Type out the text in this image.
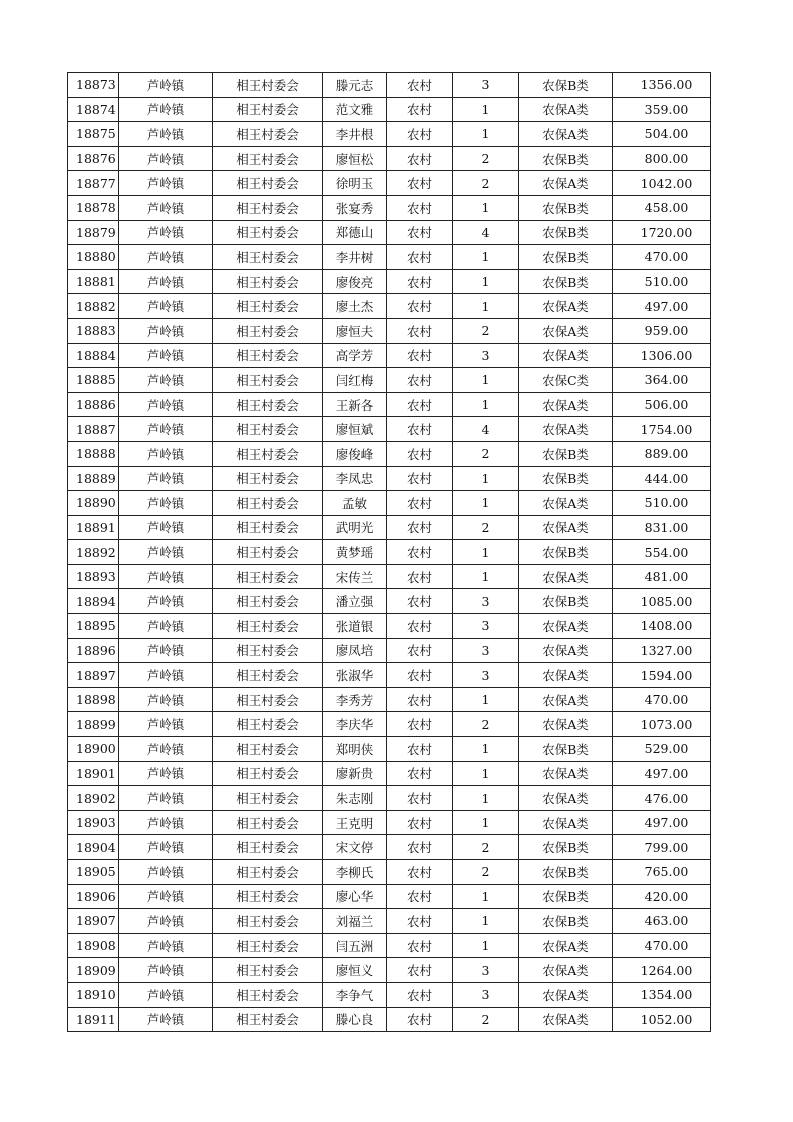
18873	芦岭镇	相王村委会	滕元志	农村	3	农保B类	1356.00
18874	芦岭镇	相王村委会	范文雅	农村	1	农保A类	359.00
18875	芦岭镇	相王村委会	李井根	农村	1	农保A类	504.00
18876	芦岭镇	相王村委会	廖恒松	农村	2	农保B类	800.00
18877	芦岭镇	相王村委会	徐明玉	农村	2	农保A类	1042.00
18878	芦岭镇	相王村委会	张宴秀	农村	1	农保B类	458.00
18879	芦岭镇	相王村委会	郑德山	农村	4	农保B类	1720.00
18880	芦岭镇	相王村委会	李井树	农村	1	农保B类	470.00
18881	芦岭镇	相王村委会	廖俊亮	农村	1	农保B类	510.00
18882	芦岭镇	相王村委会	廖土杰	农村	1	农保A类	497.00
18883	芦岭镇	相王村委会	廖恒夫	农村	2	农保A类	959.00
18884	芦岭镇	相王村委会	高学芳	农村	3	农保A类	1306.00
18885	芦岭镇	相王村委会	闫红梅	农村	1	农保C类	364.00
18886	芦岭镇	相王村委会	王新各	农村	1	农保A类	506.00
18887	芦岭镇	相王村委会	廖恒斌	农村	4	农保A类	1754.00
18888	芦岭镇	相王村委会	廖俊峰	农村	2	农保B类	889.00
18889	芦岭镇	相王村委会	李凤忠	农村	1	农保B类	444.00
18890	芦岭镇	相王村委会	孟敏	农村	1	农保A类	510.00
18891	芦岭镇	相王村委会	武明光	农村	2	农保A类	831.00
18892	芦岭镇	相王村委会	黄梦瑶	农村	1	农保B类	554.00
18893	芦岭镇	相王村委会	宋传兰	农村	1	农保A类	481.00
18894	芦岭镇	相王村委会	潘立强	农村	3	农保B类	1085.00
18895	芦岭镇	相王村委会	张道银	农村	3	农保A类	1408.00
18896	芦岭镇	相王村委会	廖凤培	农村	3	农保A类	1327.00
18897	芦岭镇	相王村委会	张淑华	农村	3	农保A类	1594.00
18898	芦岭镇	相王村委会	李秀芳	农村	1	农保A类	470.00
18899	芦岭镇	相王村委会	李庆华	农村	2	农保A类	1073.00
18900	芦岭镇	相王村委会	郑明侠	农村	1	农保B类	529.00
18901	芦岭镇	相王村委会	廖新贵	农村	1	农保A类	497.00
18902	芦岭镇	相王村委会	朱志刚	农村	1	农保A类	476.00
18903	芦岭镇	相王村委会	王克明	农村	1	农保A类	497.00
18904	芦岭镇	相王村委会	宋文停	农村	2	农保B类	799.00
18905	芦岭镇	相王村委会	李柳氏	农村	2	农保B类	765.00
18906	芦岭镇	相王村委会	廖心华	农村	1	农保B类	420.00
18907	芦岭镇	相王村委会	刘福兰	农村	1	农保B类	463.00
18908	芦岭镇	相王村委会	闫五洲	农村	1	农保A类	470.00
18909	芦岭镇	相王村委会	廖恒义	农村	3	农保A类	1264.00
18910	芦岭镇	相王村委会	李争气	农村	3	农保A类	1354.00
18911	芦岭镇	相王村委会	滕心良	农村	2	农保A类	1052.00
